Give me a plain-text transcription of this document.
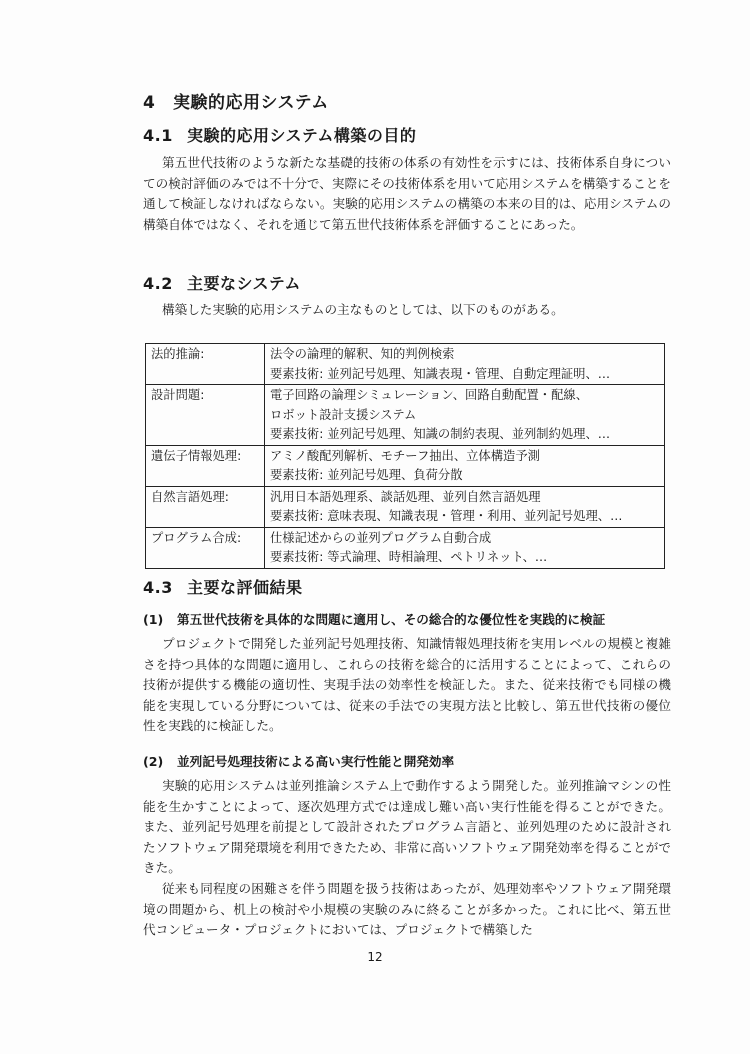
4 実験的応用システム
4.1 実験的応用システム構築の目的

第五世代技術のような新たな基礎的技術の体系の有効性を示すには、技術体系自身についての検討評価のみでは不十分で、実際にその技術体系を用いて応用システムを構築することを通して検証しなければならない。実験的応用システムの構築の本来の目的は、応用システムの構築自体ではなく、それを通じて第五世代技術体系を評価することにあった。

4.2 主要なシステム

構築した実験的応用システムの主なものとしては、以下のものがある。

法的推論:	法令の論理的解釈、知的判例検索
要素技術: 並列記号処理、知識表現・管理、自動定理証明、…

設計問題:	電子回路の論理シミュレーション、回路自動配置・配線、
ロボット設計支援システム
要素技術: 並列記号処理、知識の制約表現、並列制約処理、…

遺伝子情報処理:	アミノ酸配列解析、モチーフ抽出、立体構造予測
要素技術: 並列記号処理、負荷分散

自然言語処理:	汎用日本語処理系、談話処理、並列自然言語処理
要素技術: 意味表現、知識表現・管理・利用、並列記号処理、…

プログラム合成:	仕様記述からの並列プログラム自動合成
要素技術: 等式論理、時相論理、ペトリネット、…
4.3 主要な評価結果
(1) 第五世代技術を具体的な問題に適用し、その総合的な優位性を実践的に検証

プロジェクトで開発した並列記号処理技術、知識情報処理技術を実用レベルの規模と複雑さを持つ具体的な問題に適用し、これらの技術を総合的に活用することによって、これらの技術が提供する機能の適切性、実現手法の効率性を検証した。また、従来技術でも同様の機能を実現している分野については、従来の手法での実現方法と比較し、第五世代技術の優位性を実践的に検証した。

(2) 並列記号処理技術による高い実行性能と開発効率

実験的応用システムは並列推論システム上で動作するよう開発した。並列推論マシンの性能を生かすことによって、逐次処理方式では達成し難い高い実行性能を得ることができた。また、並列記号処理を前提として設計されたプログラム言語と、並列処理のために設計されたソフトウェア開発環境を利用できたため、非常に高いソフトウェア開発効率を得ることができた。

従来も同程度の困難さを伴う問題を扱う技術はあったが、処理効率やソフトウェア開発環境の問題から、机上の検討や小規模の実験のみに終ることが多かった。これに比べ、第五世代コンピュータ・プロジェクトにおいては、プロジェクトで構築した

12
